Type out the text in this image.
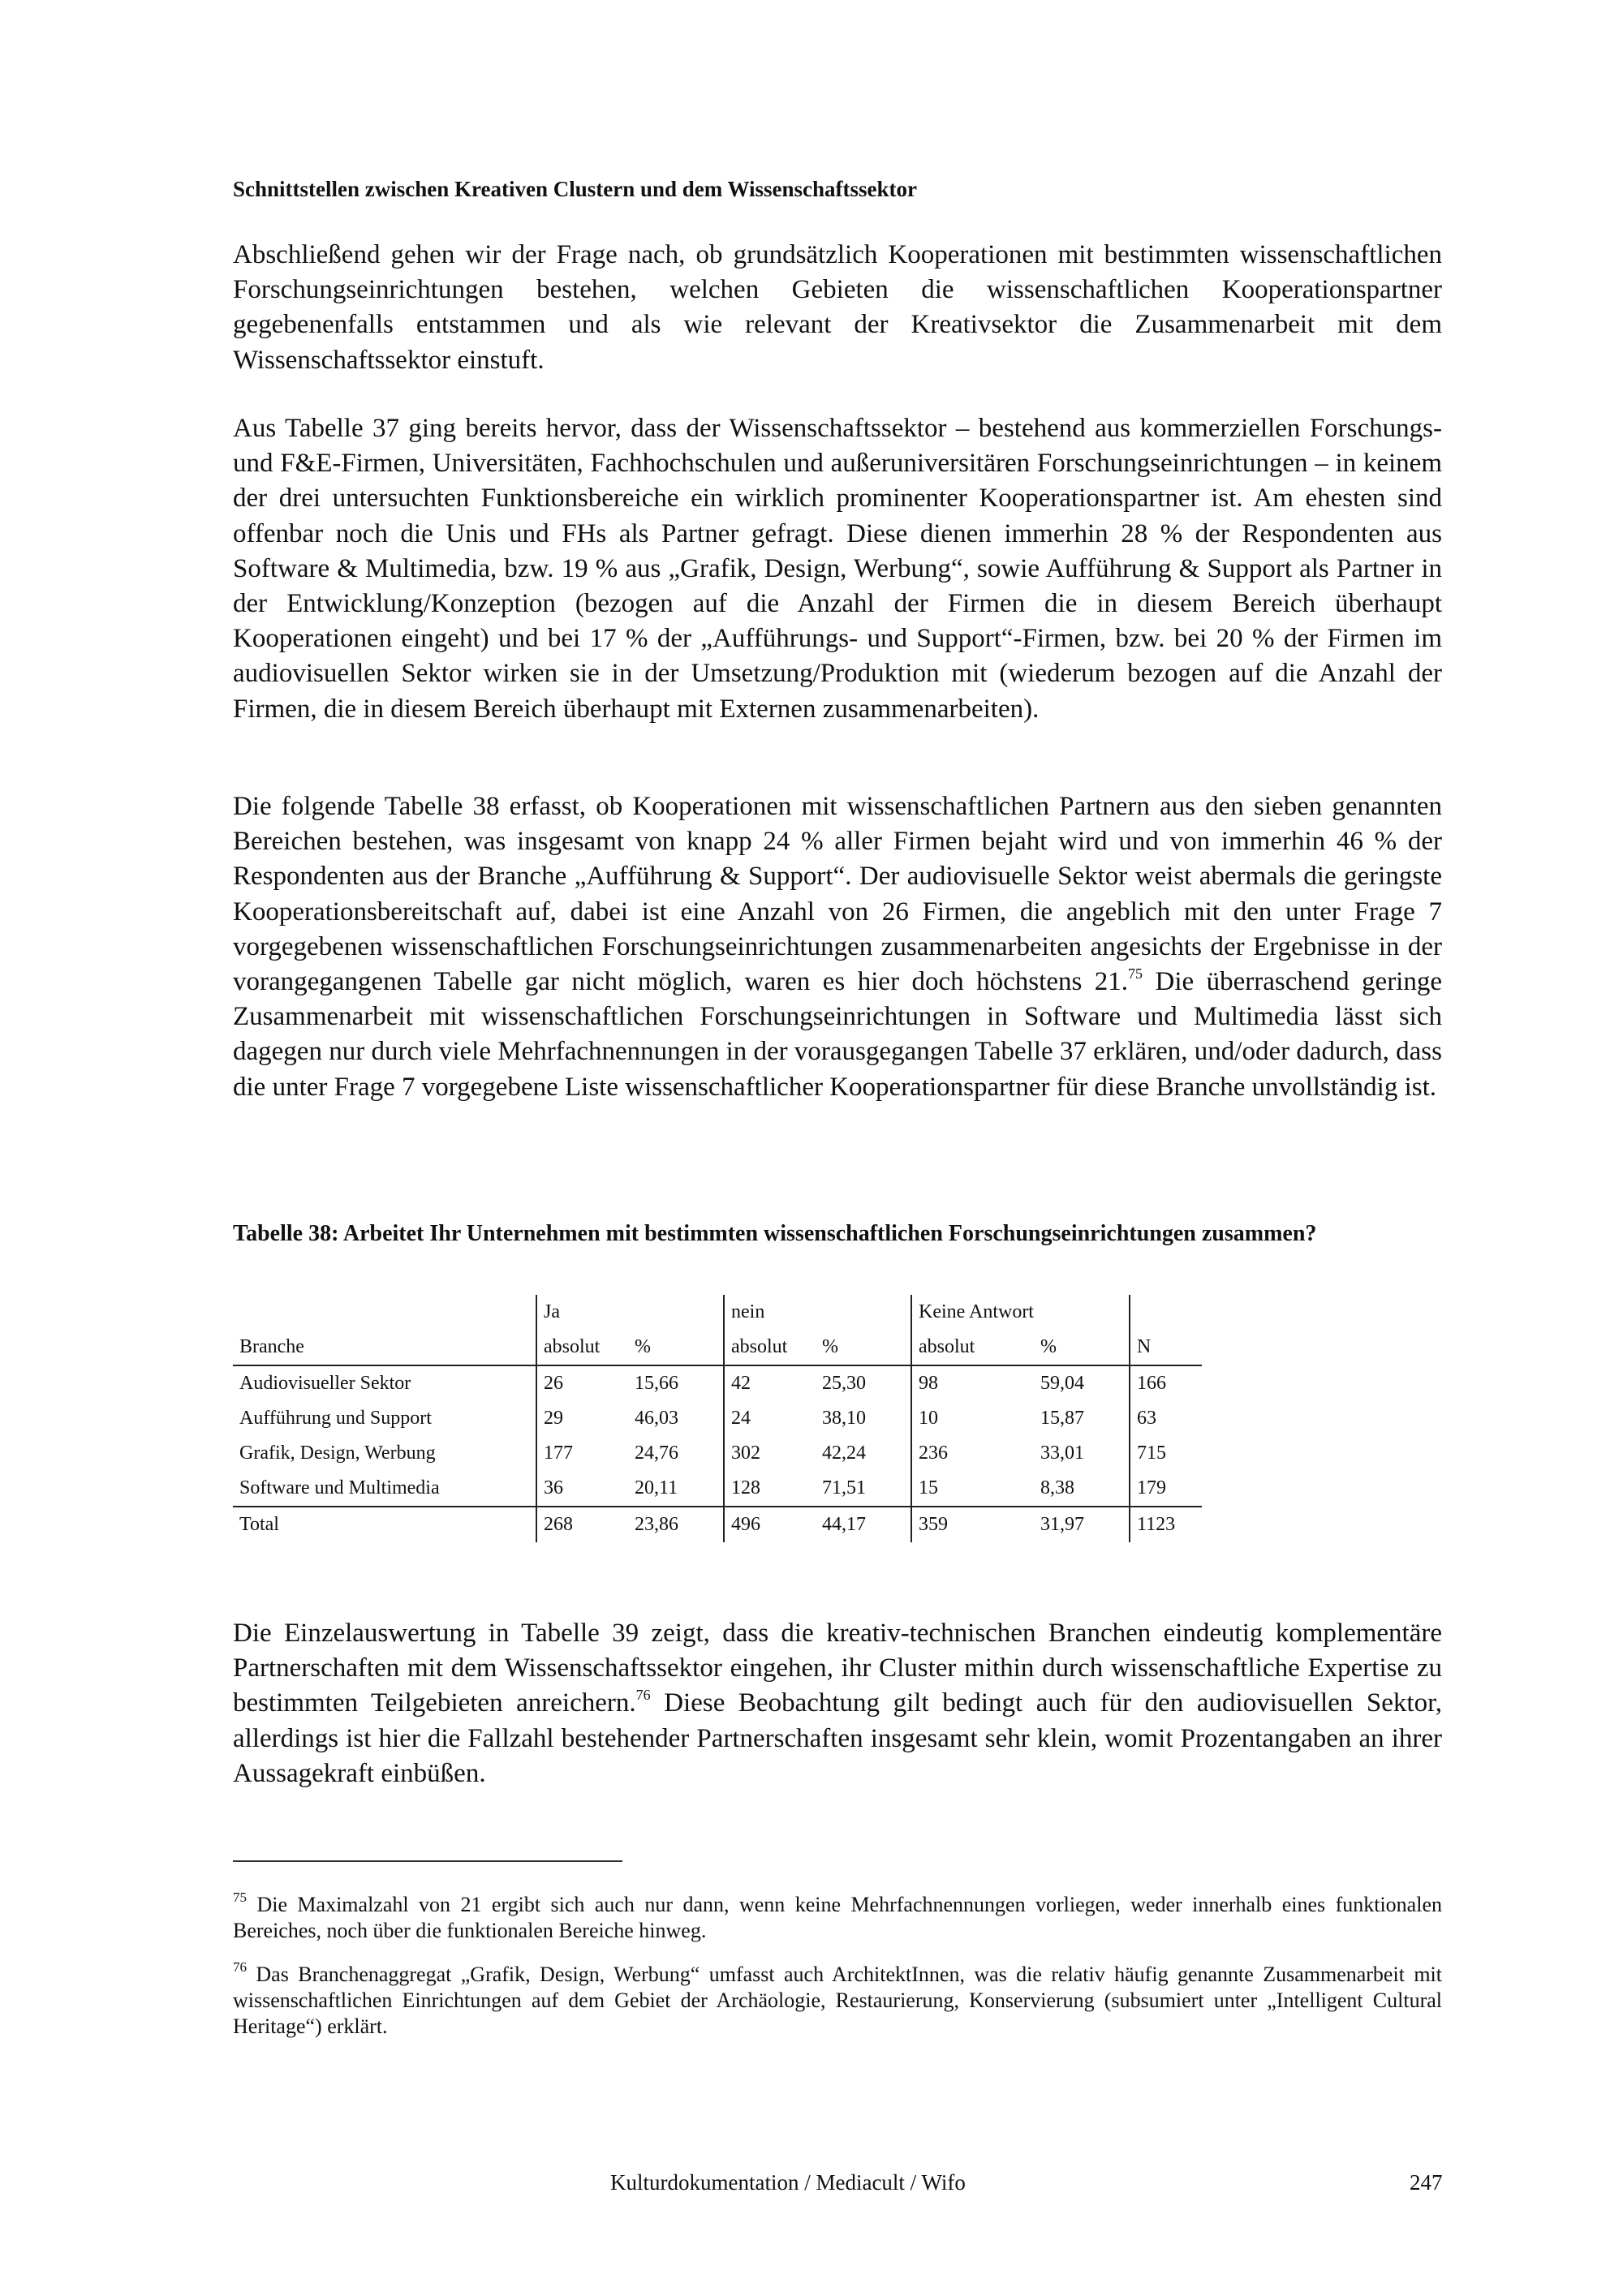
Schnittstellen zwischen Kreativen Clustern und dem Wissenschaftssektor

Abschließend gehen wir der Frage nach, ob grundsätzlich Kooperationen mit bestimmten wissenschaftlichen Forschungseinrichtungen bestehen, welchen Gebieten die wissenschaftlichen Kooperationspartner gegebenenfalls entstammen und als wie relevant der Kreativsektor die Zusammenarbeit mit dem Wissenschaftssektor einstuft.

Aus Tabelle 37 ging bereits hervor, dass der Wissenschaftssektor – bestehend aus kommerziellen Forschungs- und F&E-Firmen, Universitäten, Fachhochschulen und außeruniversitären Forschungseinrichtungen – in keinem der drei untersuchten Funktionsbereiche ein wirklich prominenter Kooperationspartner ist. Am ehesten sind offenbar noch die Unis und FHs als Partner gefragt. Diese dienen immerhin 28 % der Respondenten aus Software & Multimedia, bzw. 19 % aus „Grafik, Design, Werbung“, sowie Aufführung & Support als Partner in der Entwicklung/Konzeption (bezogen auf die Anzahl der Firmen die in diesem Bereich überhaupt Kooperationen eingeht) und bei 17 % der „Aufführungs- und Support“-Firmen, bzw. bei 20 % der Firmen im audiovisuellen Sektor wirken sie in der Umsetzung/Produktion mit (wiederum bezogen auf die Anzahl der Firmen, die in diesem Bereich überhaupt mit Externen zusammenarbeiten).

Die folgende Tabelle 38 erfasst, ob Kooperationen mit wissenschaftlichen Partnern aus den sieben genannten Bereichen bestehen, was insgesamt von knapp 24 % aller Firmen bejaht wird und von immerhin 46 % der Respondenten aus der Branche „Aufführung & Support“. Der audiovisuelle Sektor weist abermals die geringste Kooperationsbereitschaft auf, dabei ist eine Anzahl von 26 Firmen, die angeblich mit den unter Frage 7 vorgegebenen wissenschaftlichen Forschungseinrichtungen zusammenarbeiten angesichts der Ergebnisse in der vorangegangenen Tabelle gar nicht möglich, waren es hier doch höchstens 21.75 Die überraschend geringe Zusammenarbeit mit wissenschaftlichen Forschungseinrichtungen in Software und Multimedia lässt sich dagegen nur durch viele Mehrfachnennungen in der vorausgegangen Tabelle 37 erklären, und/oder dadurch, dass die unter Frage 7 vorgegebene Liste wissenschaftlicher Kooperationspartner für diese Branche unvollständig ist.

Tabelle 38: Arbeitet Ihr Unternehmen mit bestimmten wissenschaftlichen Forschungseinrichtungen zusammen?
	Ja		nein		Keine Antwort		
Branche	absolut	%	absolut	%	absolut	%	N
Audiovisueller Sektor	26	15,66	42	25,30	98	59,04	166
Aufführung und Support	29	46,03	24	38,10	10	15,87	63
Grafik, Design, Werbung	177	24,76	302	42,24	236	33,01	715
Software und Multimedia	36	20,11	128	71,51	15	8,38	179
Total	268	23,86	496	44,17	359	31,97	1123

Die Einzelauswertung in Tabelle 39 zeigt, dass die kreativ-technischen Branchen eindeutig komplementäre Partnerschaften mit dem Wissenschaftssektor eingehen, ihr Cluster mithin durch wissenschaftliche Expertise zu bestimmten Teilgebieten anreichern.$^{76}$ Diese Beobachtung gilt bedingt auch für den audiovisuellen Sektor, allerdings ist hier die Fallzahl bestehender Partnerschaften insgesamt sehr klein, womit Prozentangaben an ihrer Aussagekraft einbüßen.

$^{75}$ Die Maximalzahl von 21 ergibt sich auch nur dann, wenn keine Mehrfachnennungen vorliegen, weder innerhalb eines funktionalen Bereiches, noch über die funktionalen Bereiche hinweg.
$^{76}$ Das Branchenaggregat „Grafik, Design, Werbung“ umfasst auch ArchitektInnen, was die relativ häufig genannte Zusammenarbeit mit wissenschaftlichen Einrichtungen auf dem Gebiet der Archäologie, Restaurierung, Konservierung (subsumiert unter „Intelligent Cultural Heritage“) erklärt.
Kulturdokumentation / Mediacult / Wifo	247
